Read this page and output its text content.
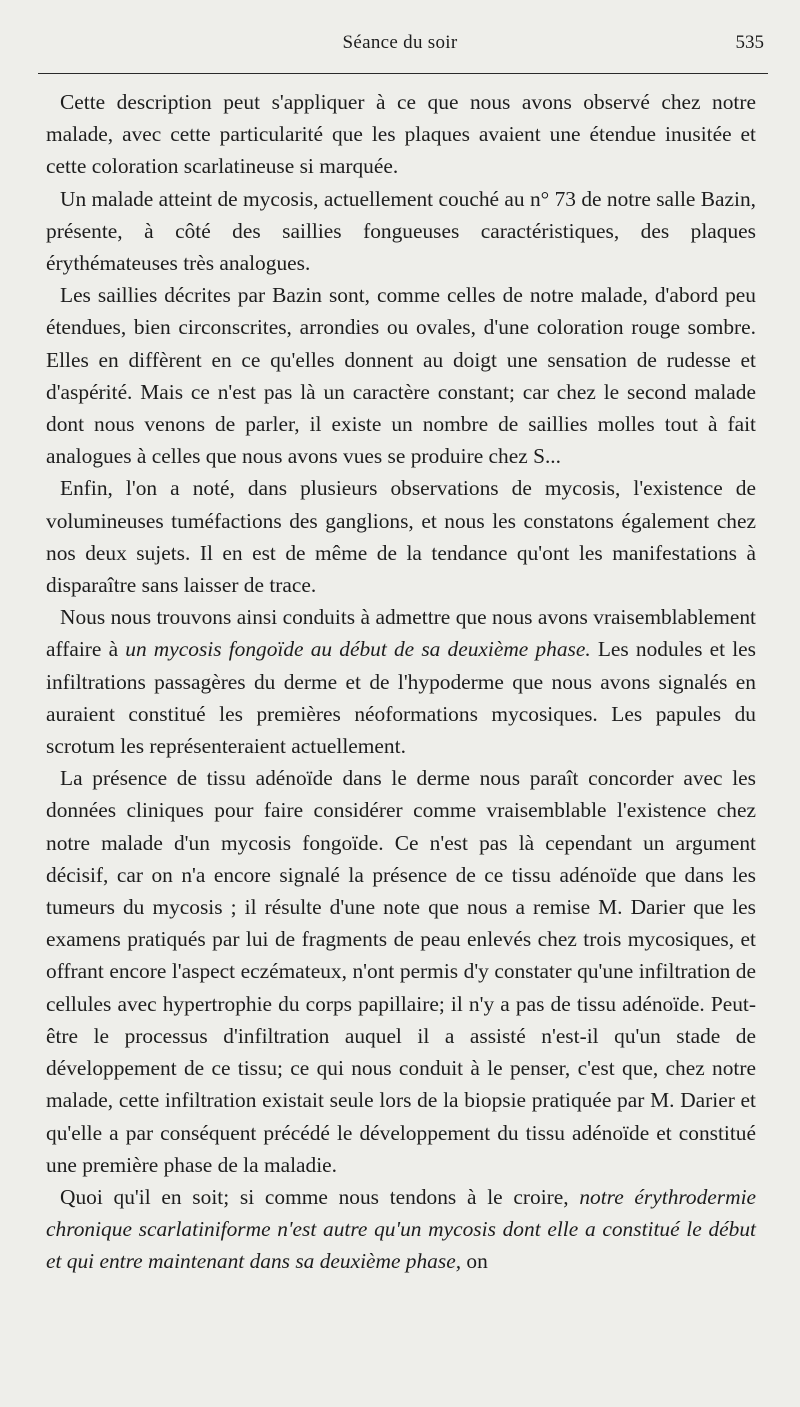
Séance du soir	535

Cette description peut s'appliquer à ce que nous avons observé chez notre malade, avec cette particularité que les plaques avaient une étendue inusitée et cette coloration scarlatineuse si marquée.

Un malade atteint de mycosis, actuellement couché au n° 73 de notre salle Bazin, présente, à côté des saillies fongueuses caractéristiques, des plaques érythémateuses très analogues.

Les saillies décrites par Bazin sont, comme celles de notre malade, d'abord peu étendues, bien circonscrites, arrondies ou ovales, d'une coloration rouge sombre. Elles en diffèrent en ce qu'elles donnent au doigt une sensation de rudesse et d'aspérité. Mais ce n'est pas là un caractère constant; car chez le second malade dont nous venons de parler, il existe un nombre de saillies molles tout à fait analogues à celles que nous avons vues se produire chez S...

Enfin, l'on a noté, dans plusieurs observations de mycosis, l'existence de volumineuses tuméfactions des ganglions, et nous les constatons également chez nos deux sujets. Il en est de même de la tendance qu'ont les manifestations à disparaître sans laisser de trace.

Nous nous trouvons ainsi conduits à admettre que nous avons vraisemblablement affaire à un mycosis fongoïde au début de sa deuxième phase. Les nodules et les infiltrations passagères du derme et de l'hypoderme que nous avons signalés en auraient constitué les premières néoformations mycosiques. Les papules du scrotum les représenteraient actuellement.

La présence de tissu adénoïde dans le derme nous paraît concorder avec les données cliniques pour faire considérer comme vraisemblable l'existence chez notre malade d'un mycosis fongoïde. Ce n'est pas là cependant un argument décisif, car on n'a encore signalé la présence de ce tissu adénoïde que dans les tumeurs du mycosis ; il résulte d'une note que nous a remise M. Darier que les examens pratiqués par lui de fragments de peau enlevés chez trois mycosiques, et offrant encore l'aspect eczémateux, n'ont permis d'y constater qu'une infiltration de cellules avec hypertrophie du corps papillaire; il n'y a pas de tissu adénoïde. Peut-être le processus d'infiltration auquel il a assisté n'est-il qu'un stade de développement de ce tissu; ce qui nous conduit à le penser, c'est que, chez notre malade, cette infiltration existait seule lors de la biopsie pratiquée par M. Darier et qu'elle a par conséquent précédé le développement du tissu adénoïde et constitué une première phase de la maladie.

Quoi qu'il en soit; si comme nous tendons à le croire, notre érythrodermie chronique scarlatiniforme n'est autre qu'un mycosis dont elle a constitué le début et qui entre maintenant dans sa deuxième phase, on
